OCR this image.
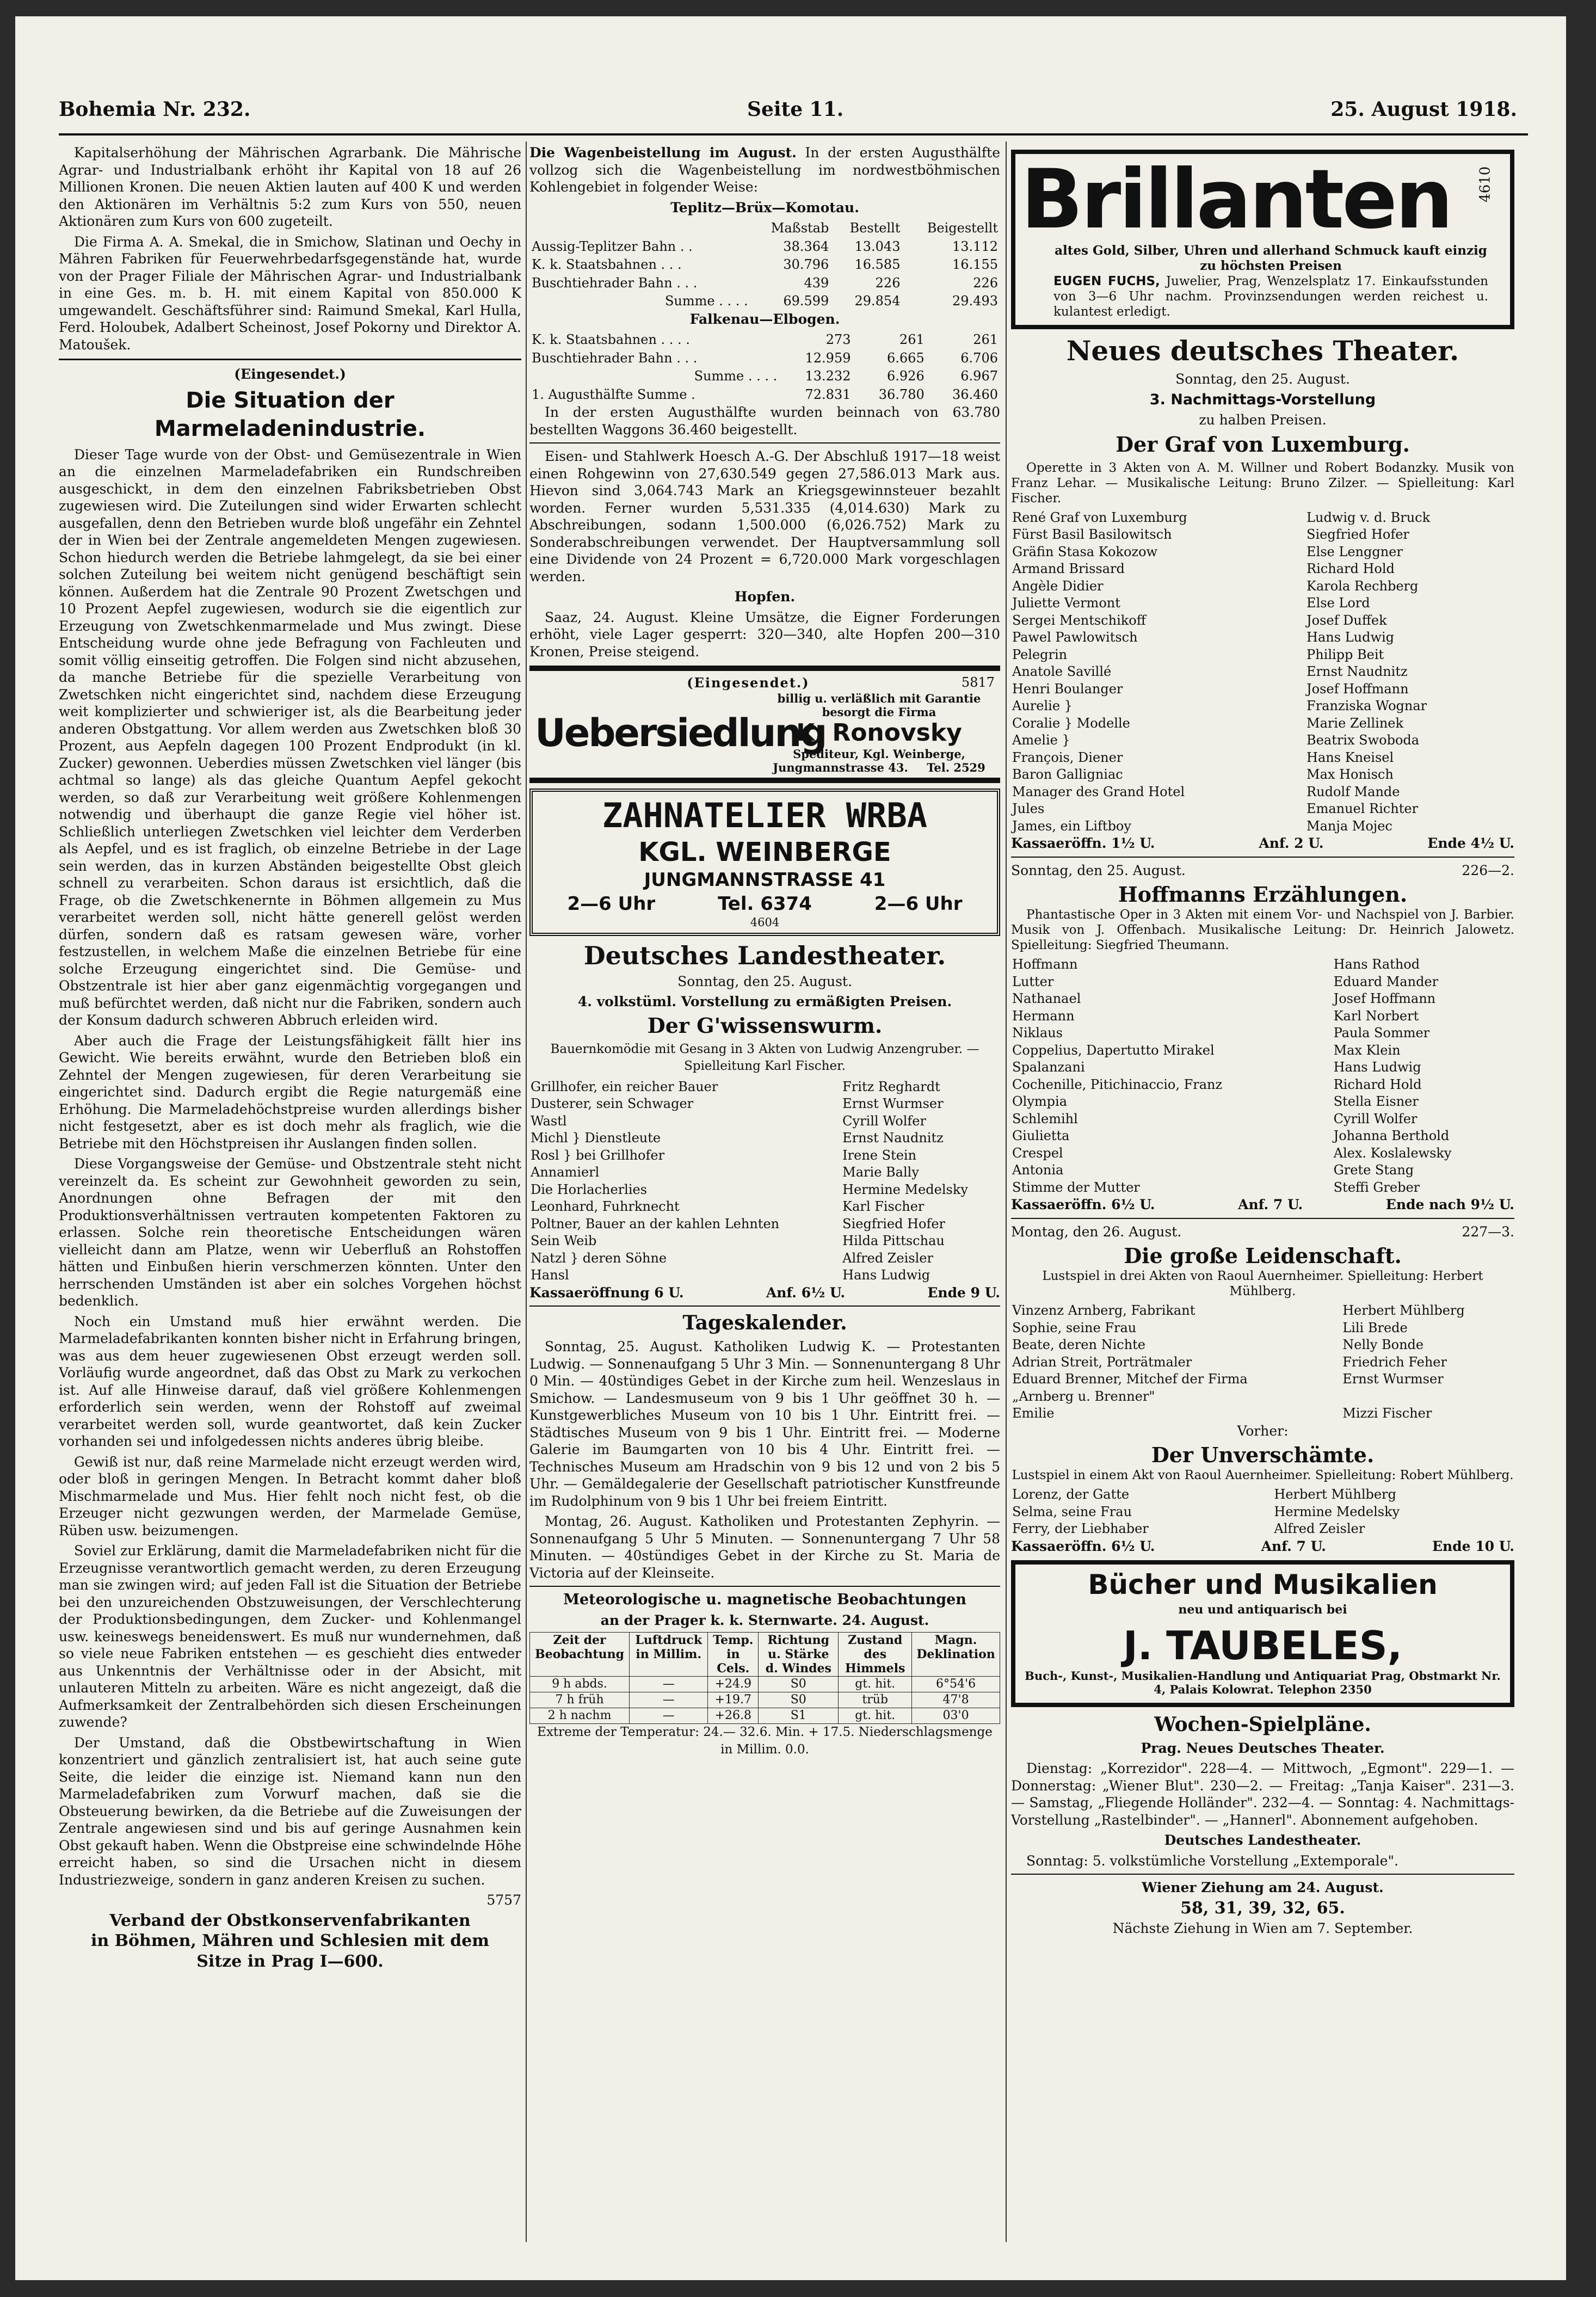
Bohemia Nr. 232.	Seite 11.	25. August 1918.

Kapitalserhöhung der Mährischen Agrarbank. Die Mährische Agrar- und Industrialbank erhöht ihr Kapital von 18 auf 26 Millionen Kronen. Die neuen Aktien lauten auf 400 K und werden den Aktionären im Verhältnis 5:2 zum Kurs von 550, neuen Aktionären zum Kurs von 600 zugeteilt.

Die Firma A. A. Smekal, die in Smichow, Slatinan und Oechy in Mähren Fabriken für Feuerwehrbedarfsgegenstände hat, wurde von der Prager Filiale der Mährischen Agrar- und Industrialbank in eine Ges. m. b. H. mit einem Kapital von 850.000 K umgewandelt. Geschäftsführer sind: Raimund Smekal, Karl Hulla, Ferd. Holoubek, Adalbert Scheinost, Josef Pokorny und Direktor A. Matoušek.

(Eingesendet.)

Die Situation der Marmeladenindustrie.

Dieser Tage wurde von der Obst- und Gemüsezentrale in Wien an die einzelnen Marmeladefabriken ein Rundschreiben ausgeschickt, in dem den einzelnen Fabriksbetrieben Obst zugewiesen wird. Die Zuteilungen sind wider Erwarten schlecht ausgefallen, denn den Betrieben wurde bloß ungefähr ein Zehntel der in Wien bei der Zentrale angemeldeten Mengen zugewiesen. Schon hiedurch werden die Betriebe lahmgelegt, da sie bei einer solchen Zuteilung bei weitem nicht genügend beschäftigt sein können. Außerdem hat die Zentrale 90 Prozent Zwetschgen und 10 Prozent Aepfel zugewiesen, wodurch sie die eigentlich zur Erzeugung von Zwetschkenmarmelade und Mus zwingt. Diese Entscheidung wurde ohne jede Befragung von Fachleuten und somit völlig einseitig getroffen. Die Folgen sind nicht abzusehen, da manche Betriebe für die spezielle Verarbeitung von Zwetschken nicht eingerichtet sind, nachdem diese Erzeugung weit komplizierter und schwieriger ist, als die Bearbeitung jeder anderen Obstgattung. Vor allem werden aus Zwetschken bloß 30 Prozent, aus Aepfeln dagegen 100 Prozent Endprodukt (in kl. Zucker) gewonnen. Ueberdies müssen Zwetschken viel länger (bis achtmal so lange) als das gleiche Quantum Aepfel gekocht werden, so daß zur Verarbeitung weit größere Kohlenmengen notwendig und überhaupt die ganze Regie viel höher ist. Schließlich unterliegen Zwetschken viel leichter dem Verderben als Aepfel, und es ist fraglich, ob einzelne Betriebe in der Lage sein werden, das in kurzen Abständen beigestellte Obst gleich schnell zu verarbeiten. Schon daraus ist ersichtlich, daß die Frage, ob die Zwetschkenernte in Böhmen allgemein zu Mus verarbeitet werden soll, nicht hätte generell gelöst werden dürfen, sondern daß es ratsam gewesen wäre, vorher festzustellen, in welchem Maße die einzelnen Betriebe für eine solche Erzeugung eingerichtet sind. Die Gemüse- und Obstzentrale ist hier aber ganz eigenmächtig vorgegangen und muß befürchtet werden, daß nicht nur die Fabriken, sondern auch der Konsum dadurch schweren Abbruch erleiden wird.

Aber auch die Frage der Leistungsfähigkeit fällt hier ins Gewicht. Wie bereits erwähnt, wurde den Betrieben bloß ein Zehntel der Mengen zugewiesen, für deren Verarbeitung sie eingerichtet sind. Dadurch ergibt die Regie naturgemäß eine Erhöhung. Die Marmeladehöchstpreise wurden allerdings bisher nicht festgesetzt, aber es ist doch mehr als fraglich, wie die Betriebe mit den Höchstpreisen ihr Auslangen finden sollen.

Diese Vorgangsweise der Gemüse- und Obstzentrale steht nicht vereinzelt da. Es scheint zur Gewohnheit geworden zu sein, Anordnungen ohne Befragen der mit den Produktionsverhältnissen vertrauten kompetenten Faktoren zu erlassen. Solche rein theoretische Entscheidungen wären vielleicht dann am Platze, wenn wir Ueberfluß an Rohstoffen hätten und Einbußen hierin verschmerzen könnten. Unter den herrschenden Umständen ist aber ein solches Vorgehen höchst bedenklich.

Noch ein Umstand muß hier erwähnt werden. Die Marmeladefabrikanten konnten bisher nicht in Erfahrung bringen, was aus dem heuer zugewiesenen Obst erzeugt werden soll. Vorläufig wurde angeordnet, daß das Obst zu Mark zu verkochen ist. Auf alle Hinweise darauf, daß viel größere Kohlenmengen erforderlich sein werden, wenn der Rohstoff auf zweimal verarbeitet werden soll, wurde geantwortet, daß kein Zucker vorhanden sei und infolgedessen nichts anderes übrig bleibe.

Gewiß ist nur, daß reine Marmelade nicht erzeugt werden wird, oder bloß in geringen Mengen. In Betracht kommt daher bloß Mischmarmelade und Mus. Hier fehlt noch nicht fest, ob die Erzeuger nicht gezwungen werden, der Marmelade Gemüse, Rüben usw. beizumengen.

Soviel zur Erklärung, damit die Marmeladefabriken nicht für die Erzeugnisse verantwortlich gemacht werden, zu deren Erzeugung man sie zwingen wird; auf jeden Fall ist die Situation der Betriebe bei den unzureichenden Obstzuweisungen, der Verschlechterung der Produktionsbedingungen, dem Zucker- und Kohlenmangel usw. keineswegs beneidenswert. Es muß nur wundernehmen, daß so viele neue Fabriken entstehen — es geschieht dies entweder aus Unkenntnis der Verhältnisse oder in der Absicht, mit unlauteren Mitteln zu arbeiten. Wäre es nicht angezeigt, daß die Aufmerksamkeit der Zentralbehörden sich diesen Erscheinungen zuwende?

Der Umstand, daß die Obstbewirtschaftung in Wien konzentriert und gänzlich zentralisiert ist, hat auch seine gute Seite, die leider die einzige ist. Niemand kann nun den Marmeladefabriken zum Vorwurf machen, daß sie die Obsteuerung bewirken, da die Betriebe auf die Zuweisungen der Zentrale angewiesen sind und bis auf geringe Ausnahmen kein Obst gekauft haben. Wenn die Obstpreise eine schwindelnde Höhe erreicht haben, so sind die Ursachen nicht in diesem Industriezweige, sondern in ganz anderen Kreisen zu suchen.

5757

Verband der Obstkonservenfabrikanten

in Böhmen, Mähren und Schlesien mit dem

Sitze in Prag I—600.

Die Wagenbeistellung im August. In der ersten Augusthälfte vollzog sich die Wagenbeistellung im nordwestböhmischen Kohlengebiet in folgender Weise:

Teplitz—Brüx—Komotau.

	Maßstab	Bestellt	Beigestellt
Aussig-Teplitzer Bahn . .	38.364	13.043	13.112
K. k. Staatsbahnen . . .	30.796	16.585	16.155
Buschtiehrader Bahn . . .	439	226	226
Summe . . . .	69.599	29.854	29.493

Falkenau—Elbogen.

K. k. Staatsbahnen . . . .	273	261	261
Buschtiehrader Bahn . . .	12.959	6.665	6.706
Summe . . . .	13.232	6.926	6.967
1. Augusthälfte Summe .	72.831	36.780	36.460

In der ersten Augusthälfte wurden beinnach von 63.780 bestellten Waggons 36.460 beigestellt.

Eisen- und Stahlwerk Hoesch A.-G. Der Abschluß 1917—18 weist einen Rohgewinn von 27,630.549 gegen 27,586.013 Mark aus. Hievon sind 3,064.743 Mark an Kriegsgewinnsteuer bezahlt worden. Ferner wurden 5,531.335 (4,014.630) Mark zu Abschreibungen, sodann 1,500.000 (6,026.752) Mark zu Sonderabschreibungen verwendet. Der Hauptversammlung soll eine Dividende von 24 Prozent = 6,720.000 Mark vorgeschlagen werden.

Hopfen.

Saaz, 24. August. Kleine Umsätze, die Eigner Forderungen erhöht, viele Lager gesperrt: 320—340, alte Hopfen 200—310 Kronen, Preise steigend.

(Eingesendet.)	5817
Uebersiedlung
billig u. verläßlich mit Garantie besorgt die Firma
K. Ronovsky
Spediteur, Kgl. Weinberge,
Jungmannstrasse 43. Tel. 2529
ZAHNATELIER WRBA
KGL. WEINBERGE
JUNGMANNSTRASSE 41
2—6 Uhr	Tel. 6374	2—6 Uhr
4604
Deutsches Landestheater.

Sonntag, den 25. August.

4. volkstüml. Vorstellung zu ermäßigten Preisen.

Der G'wissenswurm.

Bauernkomödie mit Gesang in 3 Akten von Ludwig Anzengruber. — Spielleitung Karl Fischer.

Grillhofer, ein reicher Bauer	Fritz Reghardt
Dusterer, sein Schwager	Ernst Wurmser
Wastl	Cyrill Wolfer
Michl } Dienstleute	Ernst Naudnitz
Rosl } bei Grillhofer	Irene Stein
Annamierl	Marie Bally
Die Horlacherlies	Hermine Medelsky
Leonhard, Fuhrknecht	Karl Fischer
Poltner, Bauer an der kahlen Lehnten	Siegfried Hofer
Sein Weib	Hilda Pittschau
Natzl } deren Söhne	Alfred Zeisler
Hansl	Hans Ludwig

Kassaeröffnung 6 U.	Anf. 6½ U.	Ende 9 U.

Tageskalender.

Sonntag, 25. August. Katholiken Ludwig K. — Protestanten Ludwig. — Sonnenaufgang 5 Uhr 3 Min. — Sonnenuntergang 8 Uhr 0 Min. — 40stündiges Gebet in der Kirche zum heil. Wenzeslaus in Smichow. — Landesmuseum von 9 bis 1 Uhr geöffnet 30 h. — Kunstgewerbliches Museum von 10 bis 1 Uhr. Eintritt frei. — Städtisches Museum von 9 bis 1 Uhr. Eintritt frei. — Moderne Galerie im Baumgarten von 10 bis 4 Uhr. Eintritt frei. — Technisches Museum am Hradschin von 9 bis 12 und von 2 bis 5 Uhr. — Gemäldegalerie der Gesellschaft patriotischer Kunstfreunde im Rudolphinum von 9 bis 1 Uhr bei freiem Eintritt.

Montag, 26. August. Katholiken und Protestanten Zephyrin. — Sonnenaufgang 5 Uhr 5 Minuten. — Sonnenuntergang 7 Uhr 58 Minuten. — 40stündiges Gebet in der Kirche zu St. Maria de Victoria auf der Kleinseite.

Meteorologische u. magnetische Beobachtungen

an der Prager k. k. Sternwarte. 24. August.

Zeit der Beobachtung	Luftdruck in Millim.	Temp. in Cels.	Richtung u. Stärke d. Windes	Zustand des Himmels	Magn. Deklination
9 h abds.	—	+24.9	S0	gt. hit.	6°54'6
7 h früh	—	+19.7	S0	trüb	47'8
2 h nachm	—	+26.8	S1	gt. hit.	03'0

Extreme der Temperatur: 24.— 32.6. Min. + 17.5. Niederschlagsmenge in Millim. 0.0.

Brillanten	4610

altes Gold, Silber, Uhren und allerhand Schmuck kauft einzig zu höchsten Preisen

EUGEN FUCHS, Juwelier, Prag, Wenzelsplatz 17. Einkaufsstunden von 3—6 Uhr nachm. Provinzsendungen werden reichest u. kulantest erledigt.

Neues deutsches Theater.

Sonntag, den 25. August.

3. Nachmittags-Vorstellung

zu halben Preisen.

Der Graf von Luxemburg.

Operette in 3 Akten von A. M. Willner und Robert Bodanzky. Musik von Franz Lehar. — Musikalische Leitung: Bruno Zilzer. — Spielleitung: Karl Fischer.

René Graf von Luxemburg	Ludwig v. d. Bruck
Fürst Basil Basilowitsch	Siegfried Hofer
Gräfin Stasa Kokozow	Else Lenggner
Armand Brissard	Richard Hold
Angèle Didier	Karola Rechberg
Juliette Vermont	Else Lord
Sergei Mentschikoff	Josef Duffek
Pawel Pawlowitsch	Hans Ludwig
Pelegrin	Philipp Beit
Anatole Savillé	Ernst Naudnitz
Henri Boulanger	Josef Hoffmann
Aurelie }	Franziska Wognar
Coralie } Modelle	Marie Zellinek
Amelie }	Beatrix Swoboda
François, Diener	Hans Kneisel
Baron Galligniac	Max Honisch
Manager des Grand Hotel	Rudolf Mande
Jules	Emanuel Richter
James, ein Liftboy	Manja Mojec

Kassaeröffn. 1½ U.	Anf. 2 U.	Ende 4½ U.

Sonntag, den 25. August.	226—2.

Hoffmanns Erzählungen.

Phantastische Oper in 3 Akten mit einem Vor- und Nachspiel von J. Barbier. Musik von J. Offenbach. Musikalische Leitung: Dr. Heinrich Jalowetz. Spielleitung: Siegfried Theumann.

Hoffmann	Hans Rathod
Lutter	Eduard Mander
Nathanael	Josef Hoffmann
Hermann	Karl Norbert
Niklaus	Paula Sommer
Coppelius, Dapertutto Mirakel	Max Klein
Spalanzani	Hans Ludwig
Cochenille, Pitichinaccio, Franz	Richard Hold
Olympia	Stella Eisner
Schlemihl	Cyrill Wolfer
Giulietta	Johanna Berthold
Crespel	Alex. Koslalewsky
Antonia	Grete Stang
Stimme der Mutter	Steffi Greber

Kassaeröffn. 6½ U.	Anf. 7 U.	Ende nach 9½ U.

Montag, den 26. August.	227—3.

Die große Leidenschaft.

Lustspiel in drei Akten von Raoul Auernheimer. Spielleitung: Herbert Mühlberg.

Vinzenz Arnberg, Fabrikant	Herbert Mühlberg
Sophie, seine Frau	Lili Brede
Beate, deren Nichte	Nelly Bonde
Adrian Streit, Porträtmaler	Friedrich Feher
Eduard Brenner, Mitchef der Firma	Ernst Wurmser
„Arnberg u. Brenner"	
Emilie	Mizzi Fischer

Vorher:

Der Unverschämte.

Lustspiel in einem Akt von Raoul Auernheimer. Spielleitung: Robert Mühlberg.

Lorenz, der Gatte	Herbert Mühlberg
Selma, seine Frau	Hermine Medelsky
Ferry, der Liebhaber	Alfred Zeisler

Kassaeröffn. 6½ U.	Anf. 7 U.	Ende 10 U.

Bücher und Musikalien

neu und antiquarisch bei

J. TAUBELES,

Buch-, Kunst-, Musikalien-Handlung und Antiquariat Prag, Obstmarkt Nr. 4, Palais Kolowrat. Telephon 2350

Wochen-Spielpläne.

Prag. Neues Deutsches Theater.

Dienstag: „Korrezidor". 228—4. — Mittwoch, „Egmont". 229—1. — Donnerstag: „Wiener Blut". 230—2. — Freitag: „Tanja Kaiser". 231—3. — Samstag, „Fliegende Holländer". 232—4. — Sonntag: 4. Nachmittags-Vorstellung „Rastelbinder". — „Hannerl". Abonnement aufgehoben.

Deutsches Landestheater.

Sonntag: 5. volkstümliche Vorstellung „Extemporale".

Wiener Ziehung am 24. August.

58, 31, 39, 32, 65.

Nächste Ziehung in Wien am 7. September.
